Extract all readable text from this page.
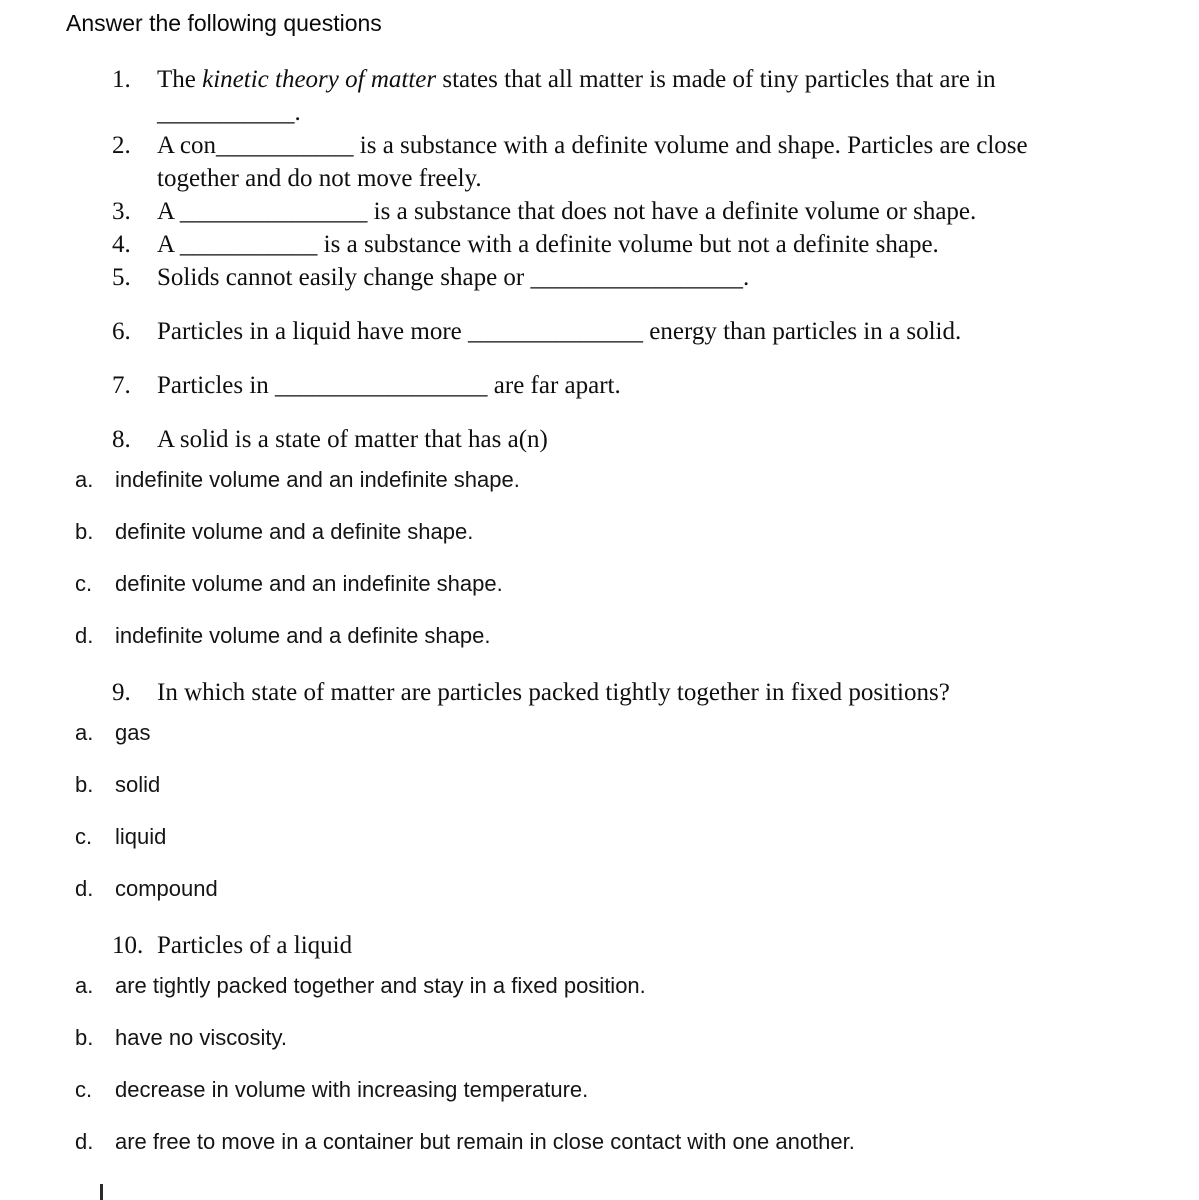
Answer the following questions
1.	The kinetic theory of matter states that all matter is made of tiny particles that are in
___________.
2.	A con___________ is a substance with a definite volume and shape. Particles are close
together and do not move freely.
3.	A _______________ is a substance that does not have a definite volume or shape.
4.	A ___________ is a substance with a definite volume but not a definite shape.
5.	Solids cannot easily change shape or _________________.
6.	Particles in a liquid have more ______________ energy than particles in a solid.
7.	Particles in _________________ are far apart.
8.	A solid is a state of matter that has a(n)
a. indefinite volume and an indefinite shape.
b. definite volume and a definite shape.
c.	definite volume and an indefinite shape.
d. indefinite volume and a definite shape.
9.	In which state of matter are particles packed tightly together in fixed positions?
a. gas
b. solid
c.	liquid
d. compound
10. Particles of a liquid
a. are tightly packed together and stay in a fixed position.
b. have no viscosity.
c.	decrease in volume with increasing temperature.
d. are free to move in a container but remain in close contact with one another.
